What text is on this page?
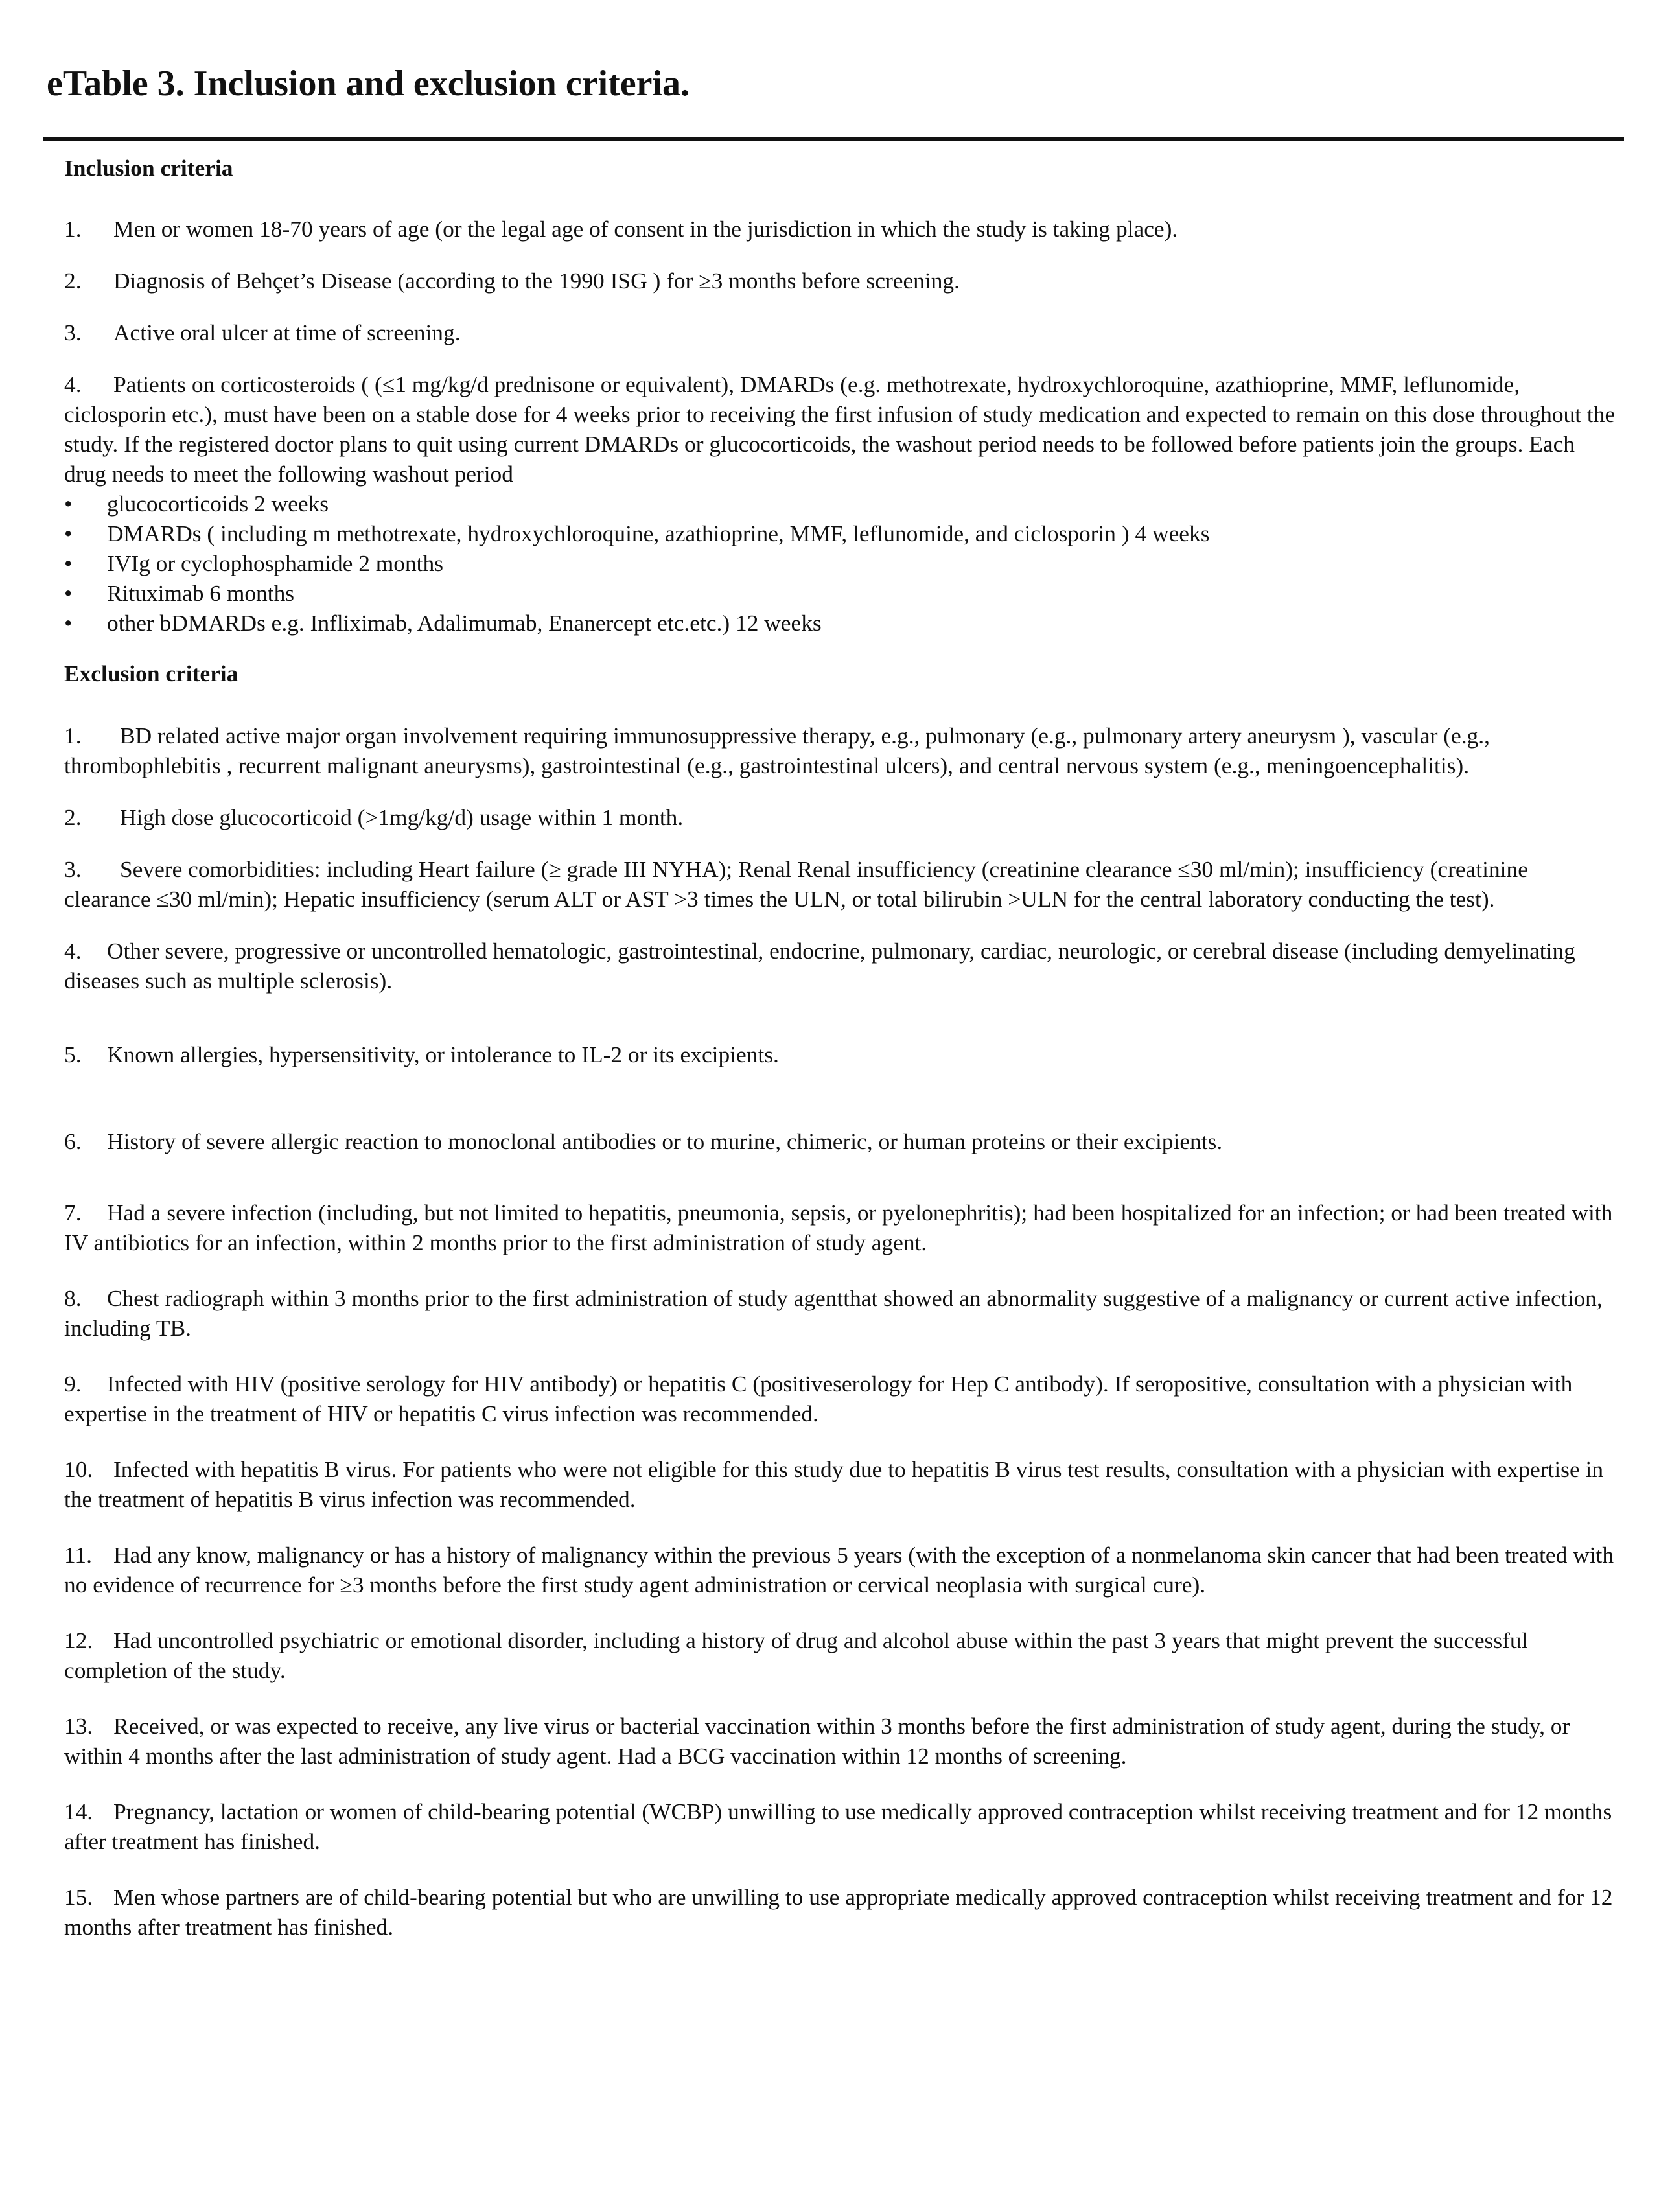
eTable 3. Inclusion and exclusion criteria.

Inclusion criteria

1. Men or women 18-70 years of age (or the legal age of consent in the jurisdiction in which the study is taking place).

2. Diagnosis of Behçet’s Disease (according to the 1990 ISG ) for ≥3 months before screening.

3. Active oral ulcer at time of screening.

4. Patients on corticosteroids ( (≤1 mg/kg/d prednisone or equivalent), DMARDs (e.g. methotrexate, hydroxychloroquine, azathioprine, MMF, leflunomide, ciclosporin etc.), must have been on a stable dose for 4 weeks prior to receiving the first infusion of study medication and expected to remain on this dose throughout the study. If the registered doctor plans to quit using current DMARDs or glucocorticoids, the washout period needs to be followed before patients join the groups. Each drug needs to meet the following washout period

• glucocorticoids 2 weeks
• DMARDs ( including m methotrexate, hydroxychloroquine, azathioprine, MMF, leflunomide, and ciclosporin ) 4 weeks
• IVIg or cyclophosphamide 2 months
• Rituximab 6 months
• other bDMARDs e.g. Infliximab, Adalimumab, Enanercept etc.etc.) 12 weeks

Exclusion criteria

1. BD related active major organ involvement requiring immunosuppressive therapy, e.g., pulmonary (e.g., pulmonary artery aneurysm ), vascular (e.g., thrombophlebitis , recurrent malignant aneurysms), gastrointestinal (e.g., gastrointestinal ulcers), and central nervous system (e.g., meningoencephalitis).

2. High dose glucocorticoid (>1mg/kg/d) usage within 1 month.

3. Severe comorbidities: including Heart failure (≥ grade III NYHA); Renal Renal insufficiency (creatinine clearance ≤30 ml/min); insufficiency (creatinine clearance ≤30 ml/min); Hepatic insufficiency (serum ALT or AST >3 times the ULN, or total bilirubin >ULN for the central laboratory conducting the test).

4. Other severe, progressive or uncontrolled hematologic, gastrointestinal, endocrine, pulmonary, cardiac, neurologic, or cerebral disease (including demyelinating diseases such as multiple sclerosis).

5. Known allergies, hypersensitivity, or intolerance to IL-2 or its excipients.

6. History of severe allergic reaction to monoclonal antibodies or to murine, chimeric, or human proteins or their excipients.

7. Had a severe infection (including, but not limited to hepatitis, pneumonia, sepsis, or pyelonephritis); had been hospitalized for an infection; or had been treated with IV antibiotics for an infection, within 2 months prior to the first administration of study agent.

8. Chest radiograph within 3 months prior to the first administration of study agentthat showed an abnormality suggestive of a malignancy or current active infection, including TB.

9. Infected with HIV (positive serology for HIV antibody) or hepatitis C (positiveserology for Hep C antibody). If seropositive, consultation with a physician with expertise in the treatment of HIV or hepatitis C virus infection was recommended.

10. Infected with hepatitis B virus. For patients who were not eligible for this study due to hepatitis B virus test results, consultation with a physician with expertise in the treatment of hepatitis B virus infection was recommended.

11. Had any know, malignancy or has a history of malignancy within the previous 5 years (with the exception of a nonmelanoma skin cancer that had been treated with no evidence of recurrence for ≥3 months before the first study agent administration or cervical neoplasia with surgical cure).

12. Had uncontrolled psychiatric or emotional disorder, including a history of drug and alcohol abuse within the past 3 years that might prevent the successful completion of the study.

13. Received, or was expected to receive, any live virus or bacterial vaccination within 3 months before the first administration of study agent, during the study, or within 4 months after the last administration of study agent. Had a BCG vaccination within 12 months of screening.

14. Pregnancy, lactation or women of child-bearing potential (WCBP) unwilling to use medically approved contraception whilst receiving treatment and for 12 months after treatment has finished.

15. Men whose partners are of child-bearing potential but who are unwilling to use appropriate medically approved contraception whilst receiving treatment and for 12 months after treatment has finished.
